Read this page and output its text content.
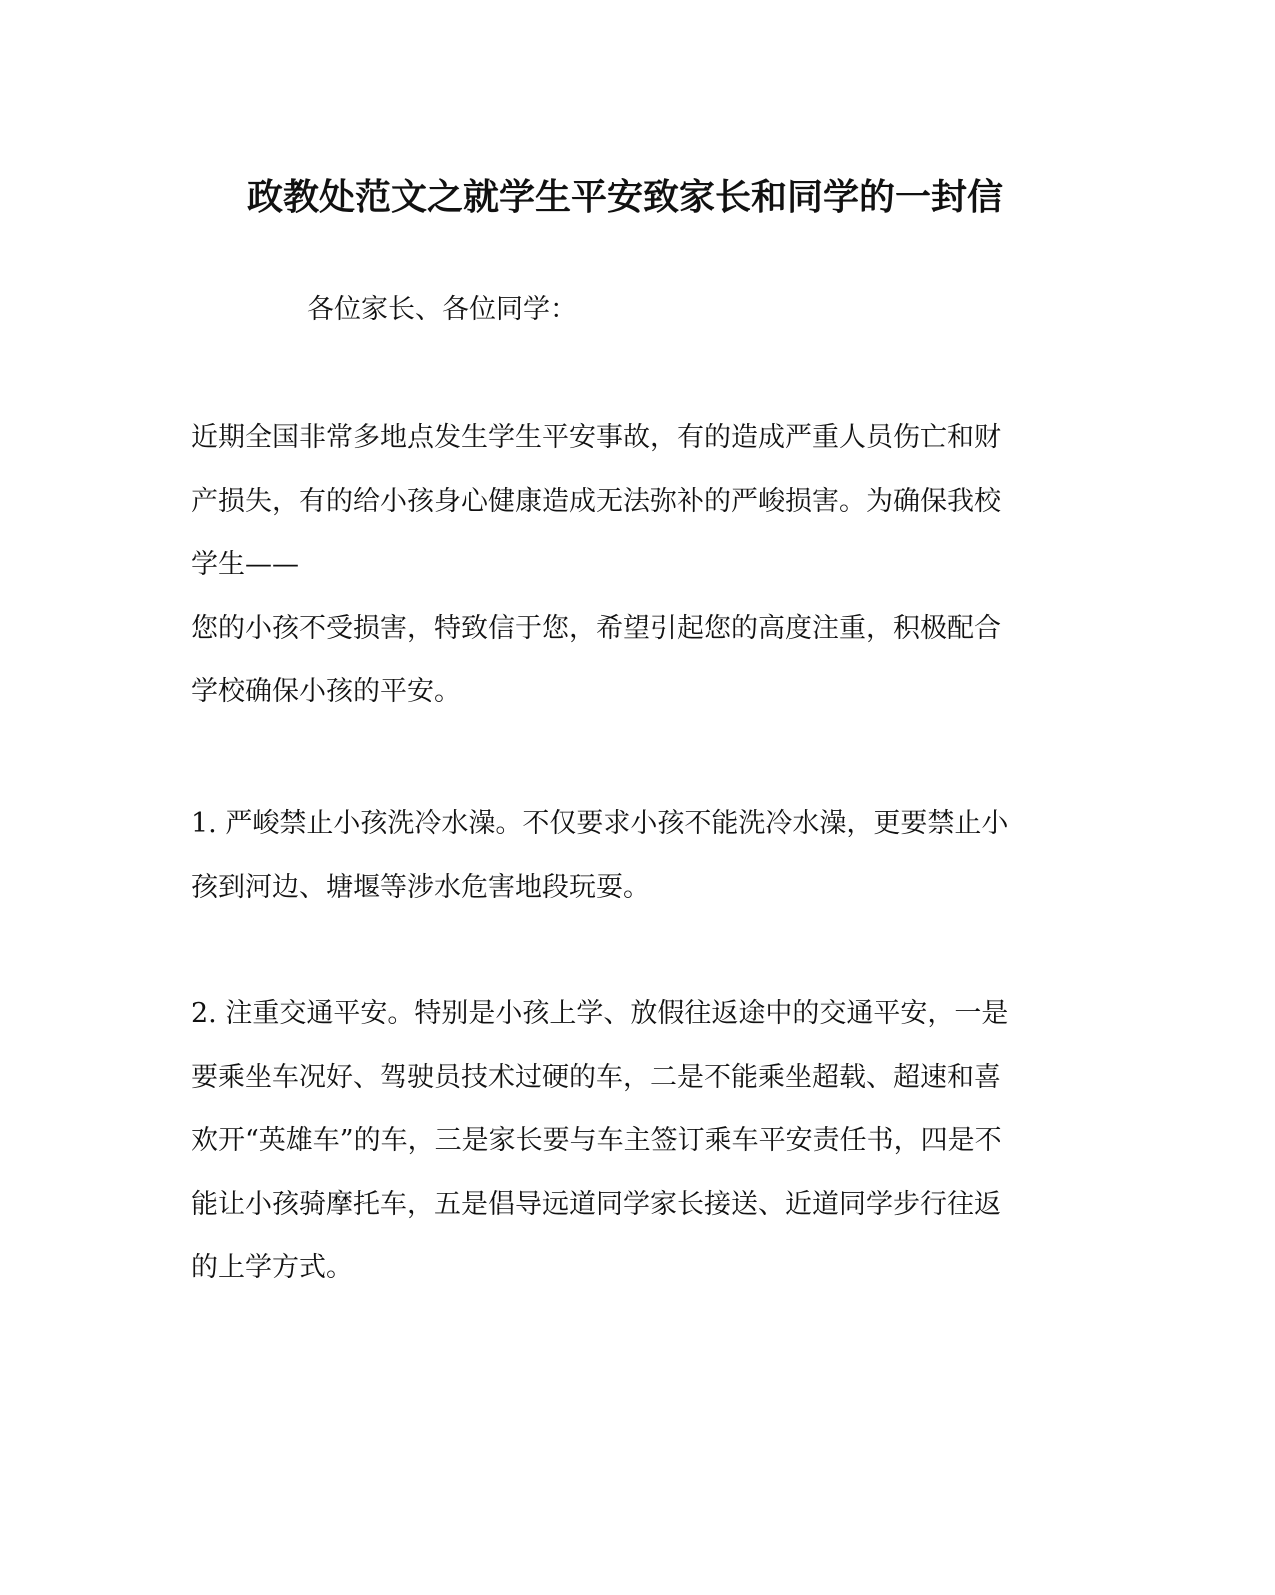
政教处范文之就学生平安致家长和同学的一封信
各位家长、各位同学：
近期全国非常多地点发生学生平安事故，有的造成严重人员伤亡和财
产损失，有的给小孩身心健康造成无法弥补的严峻损害。为确保我校
学生——
您的小孩不受损害，特致信于您，希望引起您的高度注重，积极配合
学校确保小孩的平安。
1. 严峻禁止小孩洗冷水澡。不仅要求小孩不能洗冷水澡，更要禁止小
孩到河边、塘堰等涉水危害地段玩耍。
2. 注重交通平安。特别是小孩上学、放假往返途中的交通平安，一是
要乘坐车况好、驾驶员技术过硬的车，二是不能乘坐超载、超速和喜
欢开“英雄车”的车，三是家长要与车主签订乘车平安责任书，四是不
能让小孩骑摩托车，五是倡导远道同学家长接送、近道同学步行往返
的上学方式。
